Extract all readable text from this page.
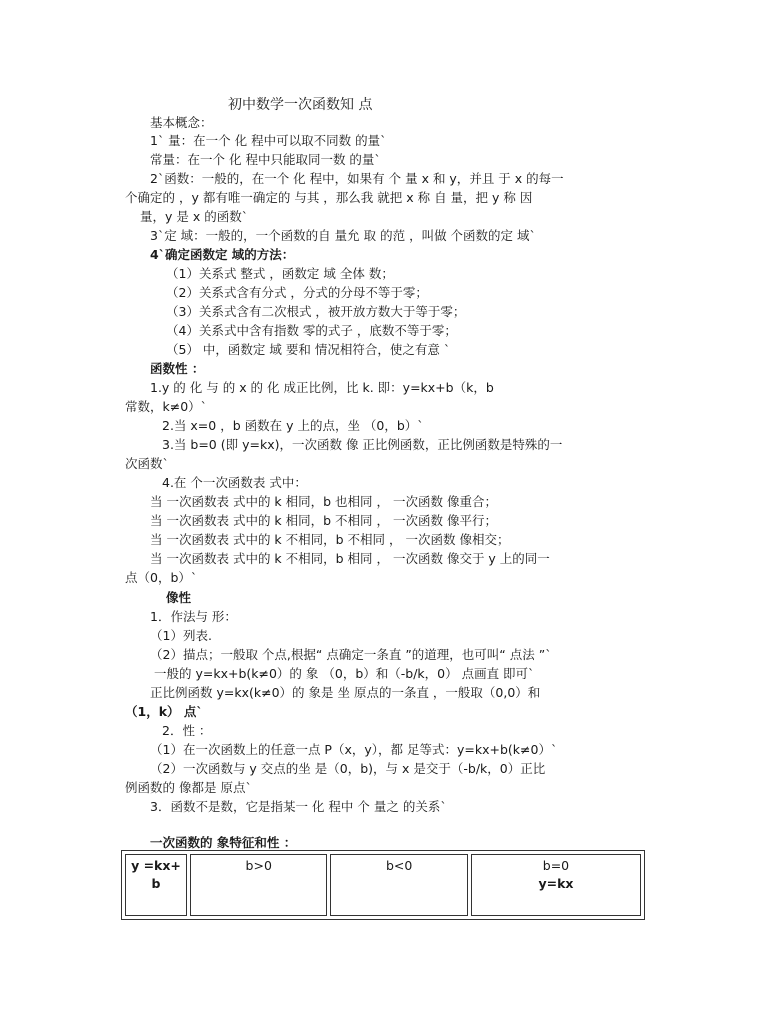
初中数学一次函数知 点
基本概念：
1` 量：在一个 化 程中可以取不同数 的量`
常量：在一个 化 程中只能取同一数 的量`
2`函数：一般的，在一个 化 程中，如果有 个 量 x 和 y，并且 于 x 的每一
个确定的 ，y 都有唯一确定的 与其 ，那么我 就把 x 称 自 量，把 y 称 因
量，y 是 x 的函数`
3`定 域：一般的，一个函数的自 量允 取 的范 ，叫做 个函数的定 域`
4`确定函数定 域的方法：
（1）关系式 整式 ，函数定 域 全体 数；
（2）关系式含有分式 ，分式的分母不等于零；
（3）关系式含有二次根式 ，被开放方数大于等于零；
（4）关系式中含有指数 零的式子 ，底数不等于零；
（5） 中，函数定 域 要和 情况相符合，使之有意 `
函数性 ：
1.y 的 化 与 的 x 的 化 成正比例，比 k. 即：y=kx+b（k，b
常数，k≠0）`
2.当 x=0 ，b 函数在 y 上的点，坐 （0，b）`
3.当 b=0 (即 y=kx)，一次函数 像 正比例函数，正比例函数是特殊的一
次函数`
4.在 个一次函数表 式中：
当 一次函数表 式中的 k 相同，b 也相同 ， 一次函数 像重合；
当 一次函数表 式中的 k 相同，b 不相同 ， 一次函数 像平行；
当 一次函数表 式中的 k 不相同，b 不相同 ， 一次函数 像相交；
当 一次函数表 式中的 k 不相同，b 相同 ， 一次函数 像交于 y 上的同一
点（0，b）`
像性
1．作法与 形：
（1）列表.
（2）描点；一般取 个点,根据“ 点确定一条直 ”的道理，也可叫“ 点法 ”`
一般的 y=kx+b(k≠0）的 象 （0，b）和（-b/k，0） 点画直 即可`
正比例函数 y=kx(k≠0）的 象是 坐 原点的一条直 ，一般取（0,0）和
（1，k） 点`
2．性 ：
（1）在一次函数上的任意一点 P（x，y），都 足等式：y=kx+b(k≠0）`
（2）一次函数与 y 交点的坐 是（0，b)，与 x 是交于（-b/k，0）正比
例函数的 像都是 原点`
3．函数不是数，它是指某一 化 程中 个 量之 的关系`
一次函数的 象特征和性 ：
y =kx+ b	b>0	b<0	b=0
y=kx
